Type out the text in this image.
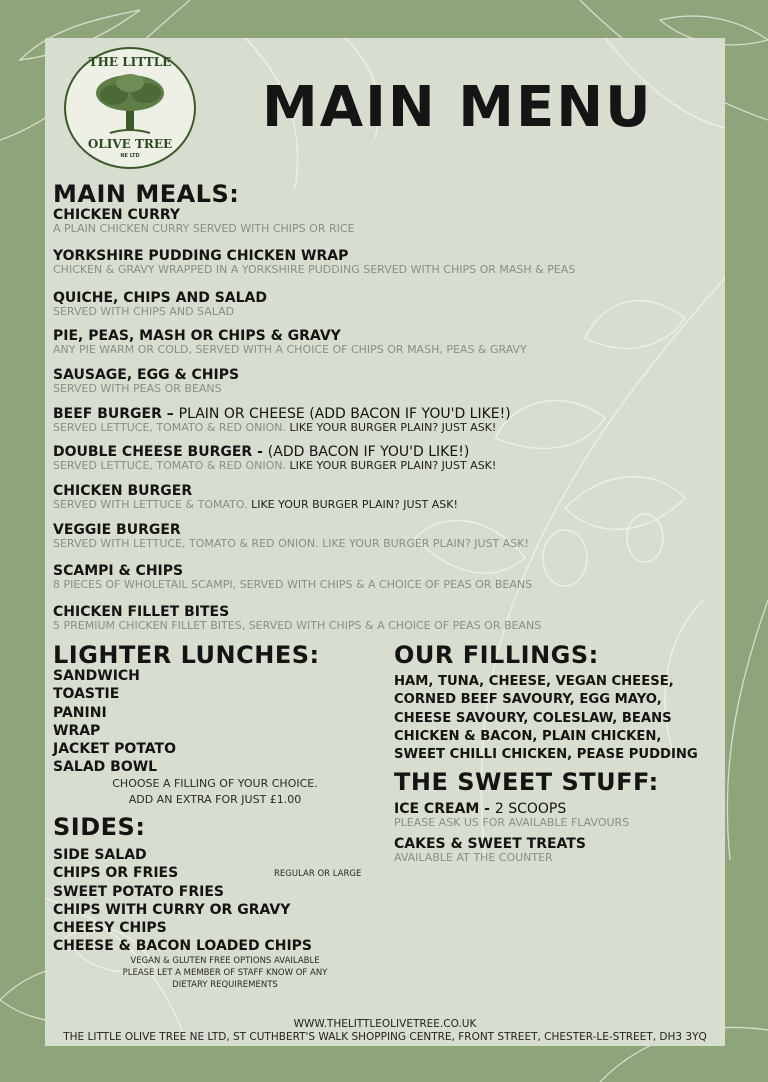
THE LITTLE
OLIVE TREE
NE LTD
MAIN MENU
MAIN MEALS:
CHICKEN CURRY
A PLAIN CHICKEN CURRY SERVED WITH CHIPS OR RICE
YORKSHIRE PUDDING CHICKEN WRAP
CHICKEN & GRAVY WRAPPED IN A YORKSHIRE PUDDING SERVED WITH CHIPS OR MASH & PEAS
QUICHE, CHIPS AND SALAD
SERVED WITH CHIPS AND SALAD
PIE, PEAS, MASH OR CHIPS & GRAVY
ANY PIE WARM OR COLD, SERVED WITH A CHOICE OF CHIPS OR MASH, PEAS & GRAVY
SAUSAGE, EGG & CHIPS
SERVED WITH PEAS OR BEANS
BEEF BURGER – PLAIN OR CHEESE (ADD BACON IF YOU'D LIKE!)
SERVED LETTUCE, TOMATO & RED ONION. LIKE YOUR BURGER PLAIN? JUST ASK!
DOUBLE CHEESE BURGER - (ADD BACON IF YOU'D LIKE!)
SERVED LETTUCE, TOMATO & RED ONION. LIKE YOUR BURGER PLAIN? JUST ASK!
CHICKEN BURGER
SERVED WITH LETTUCE & TOMATO. LIKE YOUR BURGER PLAIN? JUST ASK!
VEGGIE BURGER
SERVED WITH LETTUCE, TOMATO & RED ONION. LIKE YOUR BURGER PLAIN? JUST ASK!
SCAMPI & CHIPS
8 PIECES OF WHOLETAIL SCAMPI, SERVED WITH CHIPS & A CHOICE OF PEAS OR BEANS
CHICKEN FILLET BITES
5 PREMIUM CHICKEN FILLET BITES, SERVED WITH CHIPS & A CHOICE OF PEAS OR BEANS
LIGHTER LUNCHES:
SANDWICH
TOASTIE
PANINI
WRAP
JACKET POTATO
SALAD BOWL
CHOOSE A FILLING OF YOUR CHOICE.
ADD AN EXTRA FOR JUST £1.00
SIDES:
SIDE SALAD
CHIPS OR FRIES
SWEET POTATO FRIES
CHIPS WITH CURRY OR GRAVY
CHEESY CHIPS
CHEESE & BACON LOADED CHIPS
REGULAR OR LARGE
VEGAN & GLUTEN FREE OPTIONS AVAILABLE
PLEASE LET A MEMBER OF STAFF KNOW OF ANY
DIETARY REQUIREMENTS
OUR FILLINGS:
HAM, TUNA, CHEESE, VEGAN CHEESE,
CORNED BEEF SAVOURY, EGG MAYO,
CHEESE SAVOURY, COLESLAW, BEANS
CHICKEN & BACON, PLAIN CHICKEN,
SWEET CHILLI CHICKEN, PEASE PUDDING
THE SWEET STUFF:
ICE CREAM - 2 SCOOPS
PLEASE ASK US FOR AVAILABLE FLAVOURS
CAKES & SWEET TREATS
AVAILABLE AT THE COUNTER
WWW.THELITTLEOLIVETREE.CO.UK
THE LITTLE OLIVE TREE NE LTD, ST CUTHBERT'S WALK SHOPPING CENTRE, FRONT STREET, CHESTER-LE-STREET, DH3 3YQ
